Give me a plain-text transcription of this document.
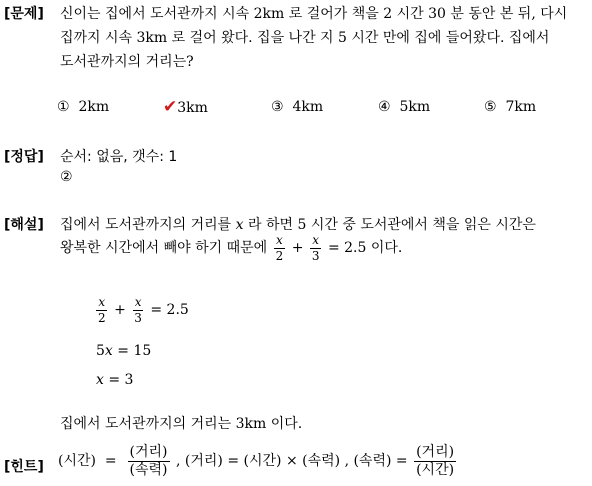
[문제] 신이는 집에서 도서관까지 시속 2km 로 걸어가 책을 2 시간 30 분 동안 본 뒤, 다시
집까지 시속 3km 로 걸어 왔다. 집을 나간 지 5 시간 만에 집에 들어왔다. 집에서
도서관까지의 거리는?
① 2km	✔3km	③ 4km	④ 5km	⑤ 7km
[정답] 순서: 없음, 갯수: 1
②
[해설] 집에서 도서관까지의 거리를 x 라 하면 5 시간 중 도서관에서 책을 읽은 시간은
왕복한 시간에서 빼야 하기 때문에 $\frac{x}{2} + \frac{x}{3} = 2.5$ 이다.
$\frac{x}{2} + \frac{x}{3} = 2.5$
5x = 15
x = 3
집에서 도서관까지의 거리는 3km 이다.
[힌트] (시간) = $\frac{\text{(거리)}}{\text{(속력)}}$ , (거리) = (시간) × (속력) , (속력) = $\frac{\text{(거리)}}{\text{(시간)}}$
